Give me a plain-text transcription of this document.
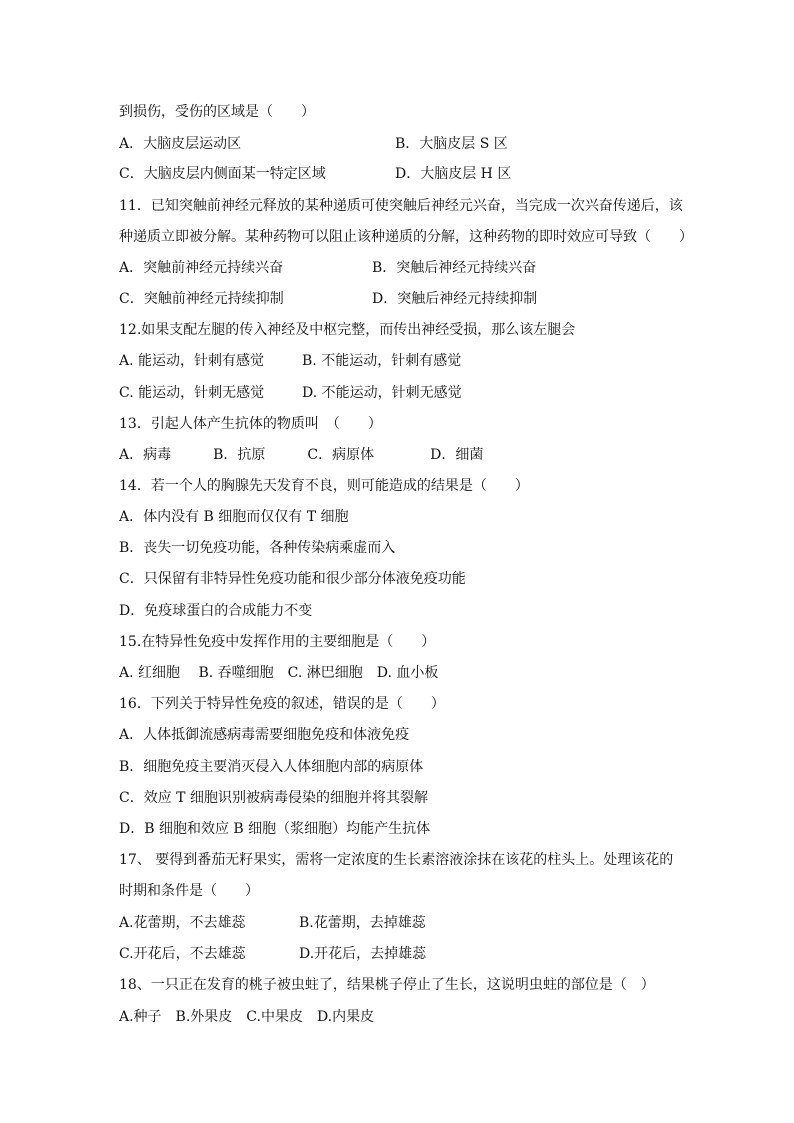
到损伤，受伤的区域是（　　）
A．大脑皮层运动区	B．大脑皮层 S 区
C．大脑皮层内侧面某一特定区域	D．大脑皮层 H 区
11．已知突触前神经元释放的某种递质可使突触后神经元兴奋，当完成一次兴奋传递后，该
种递质立即被分解。某种药物可以阻止该种递质的分解，这种药物的即时效应可导致（　　）
A．突触前神经元持续兴奋	B．突触后神经元持续兴奋
C．突触前神经元持续抑制	D．突触后神经元持续抑制
12.如果支配左腿的传入神经及中枢完整，而传出神经受损，那么该左腿会
A. 能运动，针刺有感觉	B. 不能运动，针刺有感觉
C. 能运动，针刺无感觉	D. 不能运动，针刺无感觉
13．引起人体产生抗体的物质叫　（　　）
A．病毒　　　B．抗原　　　C．病原体　　　　D．细菌
14．若一个人的胸腺先天发育不良，则可能造成的结果是（　　）
A．体内没有 B 细胞而仅仅有 T 细胞
B．丧失一切免疫功能，各种传染病乘虚而入
C．只保留有非特异性免疫功能和很少部分体液免疫功能
D．免疫球蛋白的合成能力不变
15.在特异性免疫中发挥作用的主要细胞是（　　）
A. 红细胞　 B. 吞噬细胞　C. 淋巴细胞　D. 血小板
16．下列关于特异性免疫的叙述，错误的是（　　）
A．人体抵御流感病毒需要细胞免疫和体液免疫
B．细胞免疫主要消灭侵入人体细胞内部的病原体
C．效应 T 细胞识别被病毒侵染的细胞并将其裂解
D．B 细胞和效应 B 细胞（浆细胞）均能产生抗体
17、 要得到番茄无籽果实，需将一定浓度的生长素溶液涂抹在该花的柱头上。处理该花的
时期和条件是（　　）
A.花蕾期，不去雄蕊	B.花蕾期，去掉雄蕊
C.开花后，不去雄蕊	D.开花后，去掉雄蕊
18、一只正在发育的桃子被虫蛀了，结果桃子停止了生长，这说明虫蛀的部位是（　）
A.种子　B.外果皮　C.中果皮　D.内果皮
